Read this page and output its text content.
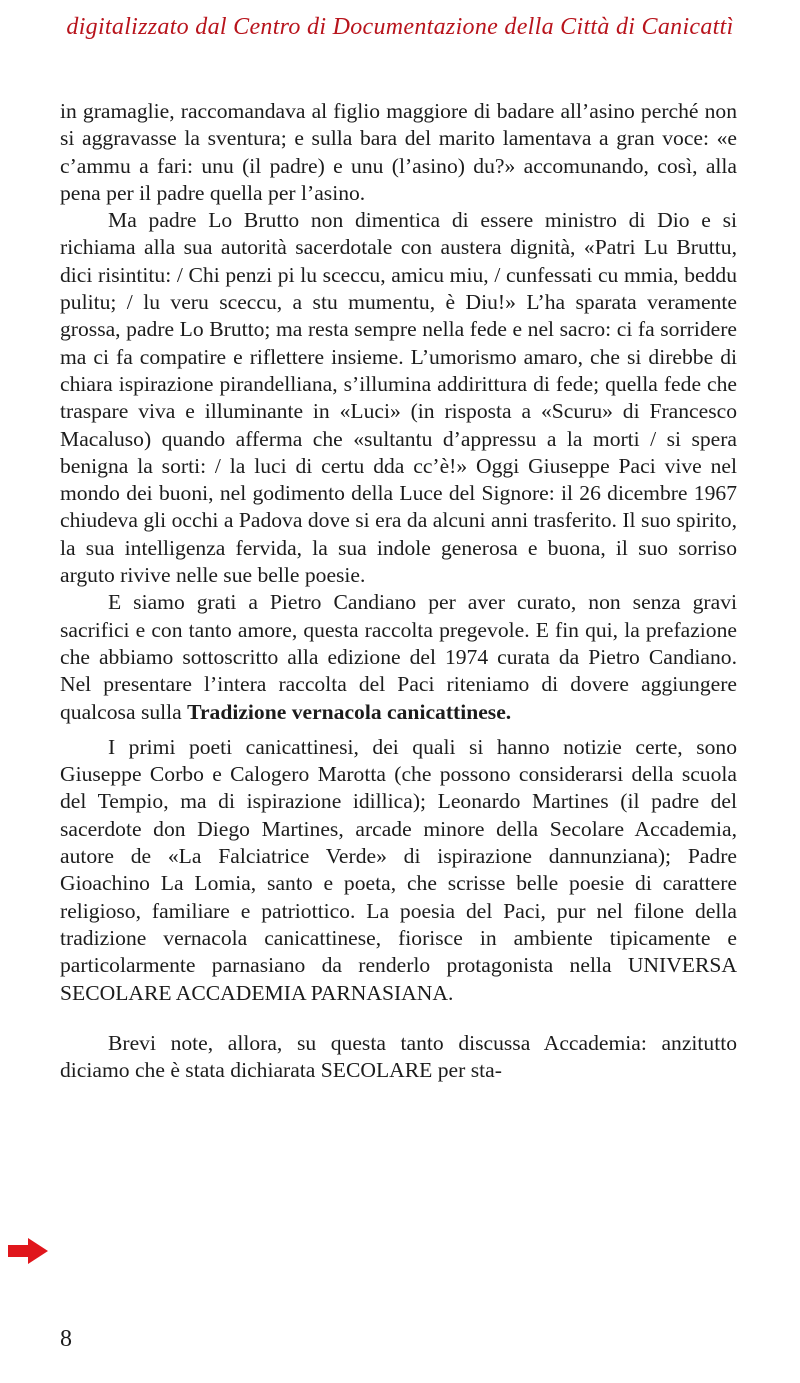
digitalizzato dal Centro di Documentazione della Città di Canicattì

in gramaglie, raccomandava al figlio maggiore di badare all’asino perché non si aggravasse la sventura; e sulla bara del marito lamentava a gran voce: «e c’ammu a fari: unu (il padre) e unu (l’asino) du?» accomunando, così, alla pena per il padre quella per l’asino.

Ma padre Lo Brutto non dimentica di essere ministro di Dio e si richiama alla sua autorità sacerdotale con austera dignità, «Patri Lu Bruttu, dici risintitu: / Chi penzi pi lu sceccu, amicu miu, / cunfessati cu mmia, beddu pulitu; / lu veru sceccu, a stu mumentu, è Diu!» L’ha sparata veramente grossa, padre Lo Brutto; ma resta sempre nella fede e nel sacro: ci fa sorridere ma ci fa compatire e riflettere insieme. L’umorismo amaro, che si direbbe di chiara ispirazione pirandelliana, s’illumina addirittura di fede; quella fede che traspare viva e illuminante in «Luci» (in risposta a «Scuru» di Francesco Macaluso) quando afferma che «sultantu d’appressu a la morti / si spera benigna la sorti: / la luci di certu dda cc’è!» Oggi Giuseppe Paci vive nel mondo dei buoni, nel godimento della Luce del Signore: il 26 dicembre 1967 chiudeva gli occhi a Padova dove si era da alcuni anni trasferito. Il suo spirito, la sua intelligenza fervida, la sua indole generosa e buona, il suo sorriso arguto rivive nelle sue belle poesie.

E siamo grati a Pietro Candiano per aver curato, non senza gravi sacrifici e con tanto amore, questa raccolta pregevole. E fin qui, la prefazione che abbiamo sottoscritto alla edizione del 1974 curata da Pietro Candiano. Nel presentare l’intera raccolta del Paci riteniamo di dovere aggiungere qualcosa sulla Tradizione vernacola canicattinese.

I primi poeti canicattinesi, dei quali si hanno notizie certe, sono Giuseppe Corbo e Calogero Marotta (che possono considerarsi della scuola del Tempio, ma di ispirazione idillica); Leonardo Martines (il padre del sacerdote don Diego Martines, arcade minore della Secolare Accademia, autore de «La Falciatrice Verde» di ispirazione dannunziana); Padre Gioachino La Lomia, santo e poeta, che scrisse belle poesie di carattere religioso, familiare e patriottico. La poesia del Paci, pur nel filone della tradizione vernacola canicattinese, fiorisce in ambiente tipicamente e particolarmente parnasiano da renderlo protagonista nella UNIVERSA SECOLARE ACCADEMIA PARNASIANA.

Brevi note, allora, su questa tanto discussa Accademia: anzitutto diciamo che è stata dichiarata SECOLARE per sta-

8
